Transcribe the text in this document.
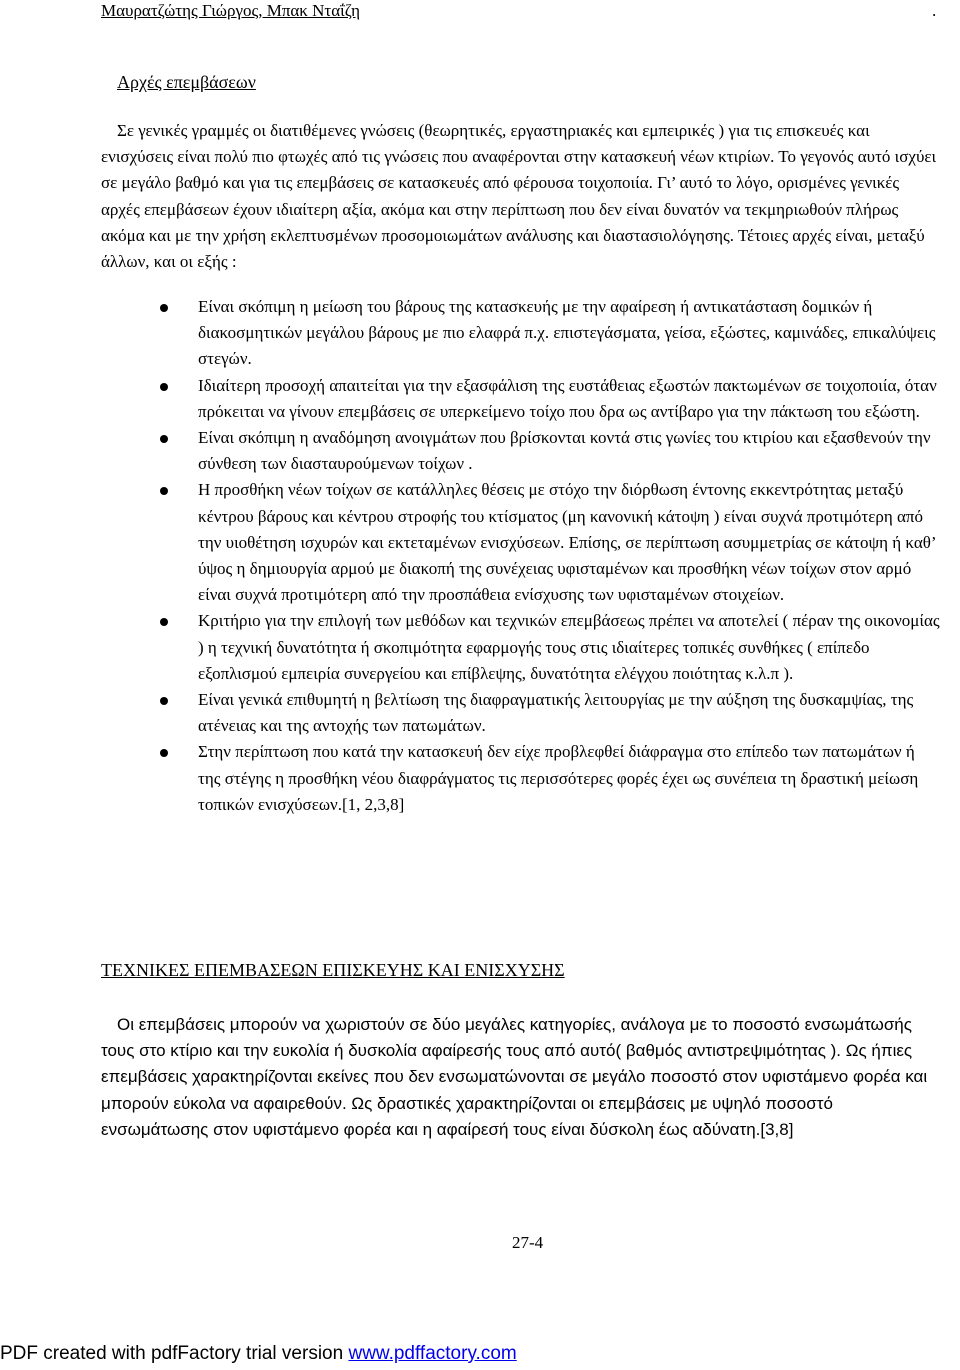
Μαυρατζώτης Γιώργος, Μπακ Νταΐζη	.
Αρχές επεμβάσεων
Σε γενικές γραμμές οι διατιθέμενες γνώσεις (θεωρητικές, εργαστηριακές και εμπειρικές ) για τις επισκευές και ενισχύσεις είναι πολύ πιο φτωχές από τις γνώσεις που αναφέρονται στην κατασκευή νέων κτιρίων. Το γεγονός αυτό ισχύει σε μεγάλο βαθμό και για τις επεμβάσεις σε κατασκευές από φέρουσα τοιχοποιία. Γι’ αυτό το λόγο, ορισμένες γενικές αρχές επεμβάσεων έχουν ιδιαίτερη αξία, ακόμα και στην περίπτωση που δεν είναι δυνατόν να τεκμηριωθούν πλήρως ακόμα και με την χρήση εκλεπτυσμένων προσομοιωμάτων ανάλυσης και διαστασιολόγησης. Τέτοιες αρχές είναι, μεταξύ άλλων, και οι εξής :
Είναι σκόπιμη η μείωση του βάρους της κατασκευής με την αφαίρεση ή αντικατάσταση δομικών ή διακοσμητικών μεγάλου βάρους με πιο ελαφρά π.χ. επιστεγάσματα, γείσα, εξώστες, καμινάδες, επικαλύψεις στεγών.
Ιδιαίτερη προσοχή απαιτείται για την εξασφάλιση της ευστάθειας εξωστών πακτωμένων σε τοιχοποιία, όταν πρόκειται να γίνουν επεμβάσεις σε υπερκείμενο τοίχο που δρα ως αντίβαρο για την πάκτωση του εξώστη.
Είναι σκόπιμη η αναδόμηση ανοιγμάτων που βρίσκονται κοντά στις γωνίες του κτιρίου και εξασθενούν την σύνθεση των διασταυρούμενων τοίχων .
Η προσθήκη νέων τοίχων σε κατάλληλες θέσεις με στόχο την διόρθωση έντονης εκκεντρότητας μεταξύ κέντρου βάρους και κέντρου στροφής του κτίσματος (μη κανονική κάτοψη ) είναι συχνά προτιμότερη από την υιοθέτηση ισχυρών και εκτεταμένων ενισχύσεων. Επίσης, σε περίπτωση ασυμμετρίας σε κάτοψη ή καθ’ ύψος η δημιουργία αρμού με διακοπή της συνέχειας υφισταμένων και προσθήκη νέων τοίχων στον αρμό είναι συχνά προτιμότερη από την προσπάθεια ενίσχυσης των υφισταμένων στοιχείων.
Κριτήριο για την επιλογή των μεθόδων και τεχνικών επεμβάσεως πρέπει να αποτελεί ( πέραν της οικονομίας ) η τεχνική δυνατότητα ή σκοπιμότητα εφαρμογής τους στις ιδιαίτερες τοπικές συνθήκες ( επίπεδο εξοπλισμού εμπειρία συνεργείου και επίβλεψης, δυνατότητα ελέγχου ποιότητας κ.λ.π ).
Είναι γενικά επιθυμητή η βελτίωση της διαφραγματικής λειτουργίας με την αύξηση της δυσκαμψίας, της ατένειας και της αντοχής των πατωμάτων.
Στην περίπτωση που κατά την κατασκευή δεν είχε προβλεφθεί διάφραγμα στο επίπεδο των πατωμάτων ή της στέγης η προσθήκη νέου διαφράγματος τις περισσότερες φορές έχει ως συνέπεια τη δραστική μείωση τοπικών ενισχύσεων.[1, 2,3,8]
ΤΕΧΝΙΚΕΣ ΕΠΕΜΒΑΣΕΩΝ ΕΠΙΣΚΕΥΗΣ ΚΑΙ ΕΝΙΣΧΥΣΗΣ
Οι επεμβάσεις μπορούν να χωριστούν σε δύο μεγάλες κατηγορίες, ανάλογα με το ποσοστό ενσωμάτωσής τους στο κτίριο και την ευκολία ή δυσκολία αφαίρεσής τους από αυτό( βαθμός αντιστρεψιμότητας ). Ως ήπιες επεμβάσεις χαρακτηρίζονται εκείνες που δεν ενσωματώνονται σε μεγάλο ποσοστό στον υφιστάμενο φορέα και μπορούν εύκολα να αφαιρεθούν. Ως δραστικές χαρακτηρίζονται οι επεμβάσεις με υψηλό ποσοστό ενσωμάτωσης στον υφιστάμενο φορέα και η αφαίρεσή τους είναι δύσκολη έως αδύνατη.[3,8]
27-4
PDF created with pdfFactory trial version www.pdffactory.com
